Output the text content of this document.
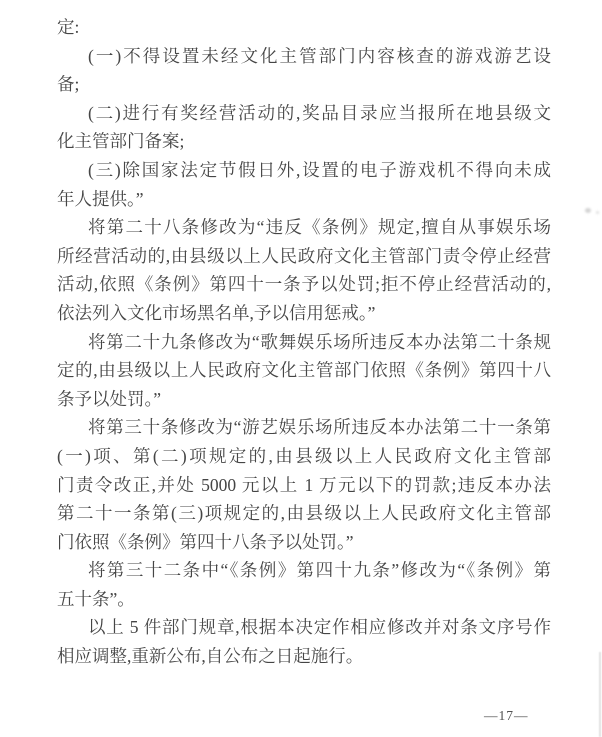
定:
(一)不得设置未经文化主管部门内容核查的游戏游艺设
备;
(二)进行有奖经营活动的,奖品目录应当报所在地县级文
化主管部门备案;
(三)除国家法定节假日外,设置的电子游戏机不得向未成
年人提供。”
将第二十八条修改为“违反《条例》规定,擅自从事娱乐场
所经营活动的,由县级以上人民政府文化主管部门责令停止经营
活动,依照《条例》第四十一条予以处罚;拒不停止经营活动的,
依法列入文化市场黑名单,予以信用惩戒。”
将第二十九条修改为“歌舞娱乐场所违反本办法第二十条规
定的,由县级以上人民政府文化主管部门依照《条例》第四十八
条予以处罚。”
将第三十条修改为“游艺娱乐场所违反本办法第二十一条第
(一)项、第(二)项规定的,由县级以上人民政府文化主管部
门责令改正,并处 5000 元以上 1 万元以下的罚款;违反本办法
第二十一条第(三)项规定的,由县级以上人民政府文化主管部
门依照《条例》第四十八条予以处罚。”
将第三十二条中“《条例》第四十九条”修改为“《条例》第
五十条”。
以上 5 件部门规章,根据本决定作相应修改并对条文序号作
相应调整,重新公布,自公布之日起施行。
—17—
